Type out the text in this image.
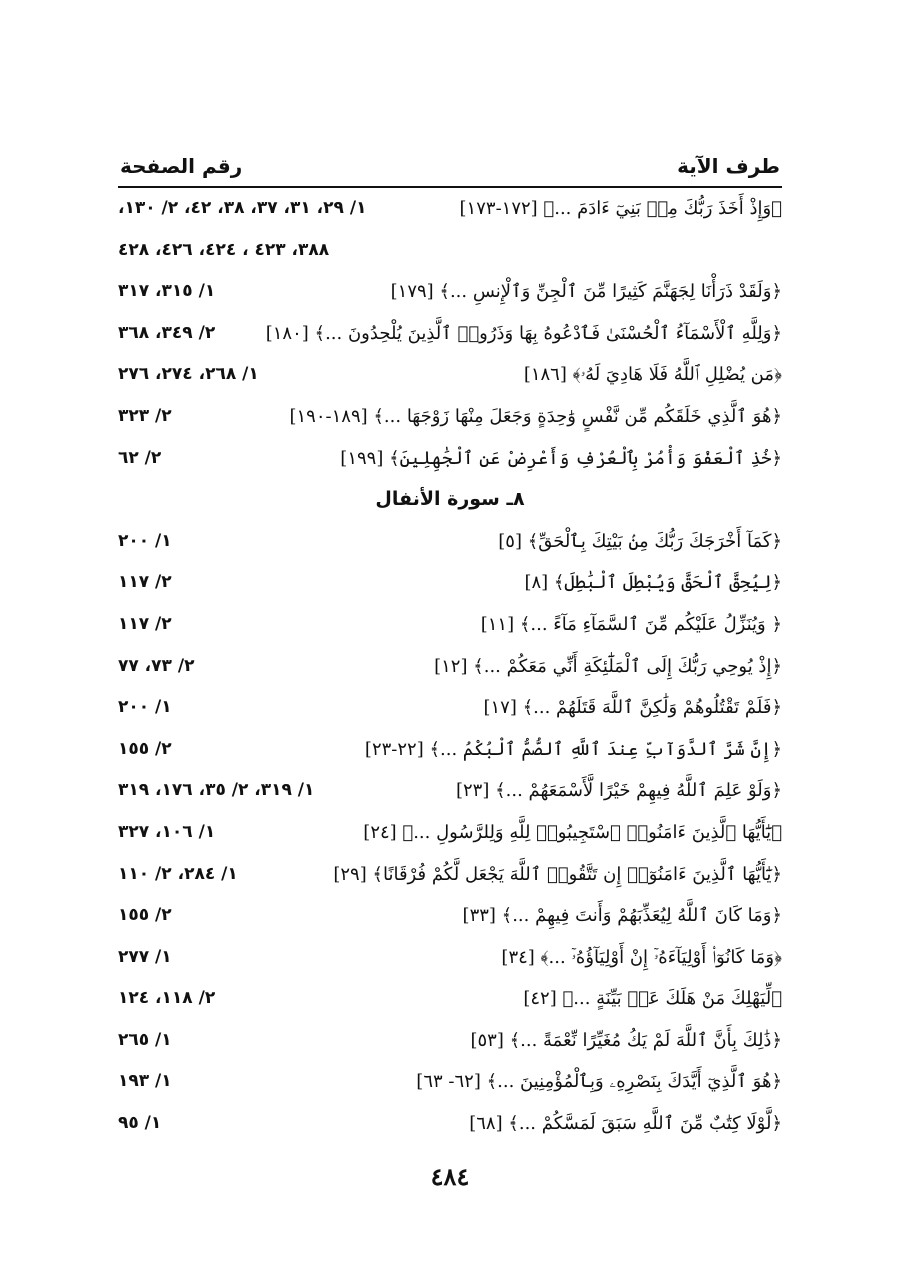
طرف الآية
رقم الصفحة
﴿وَإِذْ أَخَذَ رَبُّكَ مِنۢ بَنِيٓ ءَادَمَ ...﴾ [١٧٢-١٧٣]
١/ ٢٩، ٣١، ٣٧، ٣٨، ٤٢، ٢/ ١٣٠،
٣٨٨، ٤٢٣ ، ٤٢٤، ٤٢٦، ٤٢٨
﴿وَلَقَدْ ذَرَأْنَا لِجَهَنَّمَ كَثِيرًا مِّنَ ٱلْجِنِّ وَٱلْإِنسِ ...﴾ [١٧٩]
١/ ٣١٥، ٣١٧
﴿وَلِلَّهِ ٱلْأَسْمَآءُ ٱلْحُسْنَىٰ فَٱدْعُوهُ بِهَا وَذَرُوا۟ ٱلَّذِينَ يُلْحِدُونَ ...﴾ [١٨٠]
٢/ ٣٤٩، ٣٦٨
﴿مَن يُضْلِلِ ٱللَّهُ فَلَا هَادِيَ لَهُۥ﴾ [١٨٦]
١/ ٢٦٨، ٢٧٤، ٢٧٦
﴿هُوَ ٱلَّذِي خَلَقَكُم مِّن نَّفْسٍ وَٰحِدَةٍ وَجَعَلَ مِنْهَا زَوْجَهَا ...﴾ [١٨٩-١٩٠]
٢/ ٣٢٣
﴿خُذِ ٱلْعَفْوَ وَأْمُرْ بِٱلْعُرْفِ وَأَعْرِضْ عَنِ ٱلْجَٰهِلِينَ﴾ [١٩٩]
٢/ ٦٢
٨ـ سورة الأنفال
﴿كَمَآ أَخْرَجَكَ رَبُّكَ مِنۢ بَيْتِكَ بِٱلْحَقِّ﴾ [٥]
١/ ٢٠٠
﴿لِيُحِقَّ ٱلْحَقَّ وَيُبْطِلَ ٱلْبَٰطِلَ﴾ [٨]
٢/ ١١٧
﴿ وَيُنَزِّلُ عَلَيْكُم مِّنَ ٱلسَّمَآءِ مَآءً ...﴾ [١١]
٢/ ١١٧
﴿إِذْ يُوحِي رَبُّكَ إِلَى ٱلْمَلَٰٓئِكَةِ أَنِّي مَعَكُمْ ...﴾ [١٢]
٢/ ٧٣، ٧٧
﴿فَلَمْ تَقْتُلُوهُمْ وَلَٰكِنَّ ٱللَّهَ قَتَلَهُمْ ...﴾ [١٧]
١/ ٢٠٠
﴿إِنَّ شَرَّ ٱلدَّوَآبِّ عِندَ ٱللَّهِ ٱلصُّمُّ ٱلْبُكْمُ ...﴾ [٢٢-٢٣]
٢/ ١٥٥
﴿وَلَوْ عَلِمَ ٱللَّهُ فِيهِمْ خَيْرًا لَّأَسْمَعَهُمْ ...﴾ [٢٣]
١/ ٣١٩، ٢/ ٣٥، ١٧٦، ٣١٩
﴿يَٰٓأَيُّهَا ٱلَّذِينَ ءَامَنُوا۟ ٱسْتَجِيبُوا۟ لِلَّهِ وَلِلرَّسُولِ ...﴾ [٢٤]
١/ ١٠٦، ٣٢٧
﴿يَٰٓأَيُّهَا ٱلَّذِينَ ءَامَنُوٓا۟ إِن تَتَّقُوا۟ ٱللَّهَ يَجْعَل لَّكُمْ فُرْقَانًا﴾ [٢٩]
١/ ٢٨٤، ٢/ ١١٠
﴿وَمَا كَانَ ٱللَّهُ لِيُعَذِّبَهُمْ وَأَنتَ فِيهِمْ ...﴾ [٣٣]
٢/ ١٥٥
﴿وَمَا كَانُوٓا۟ أَوْلِيَآءَهُۥٓ إِنْ أَوْلِيَآؤُهُۥٓ ...﴾ [٣٤]
١/ ٢٧٧
﴿لِّيَهْلِكَ مَنْ هَلَكَ عَنۢ بَيِّنَةٍ ...﴾ [٤٢]
٢/ ١١٨، ١٢٤
﴿ذَٰلِكَ بِأَنَّ ٱللَّهَ لَمْ يَكُ مُغَيِّرًا نِّعْمَةً ...﴾ [٥٣]
١/ ٢٦٥
﴿هُوَ ٱلَّذِيٓ أَيَّدَكَ بِنَصْرِهِۦ وَبِٱلْمُؤْمِنِينَ ...﴾ [٦٢- ٦٣]
١/ ١٩٣
﴿لَّوْلَا كِتَٰبٌ مِّنَ ٱللَّهِ سَبَقَ لَمَسَّكُمْ ...﴾ [٦٨]
١/ ٩٥
٤٨٤
